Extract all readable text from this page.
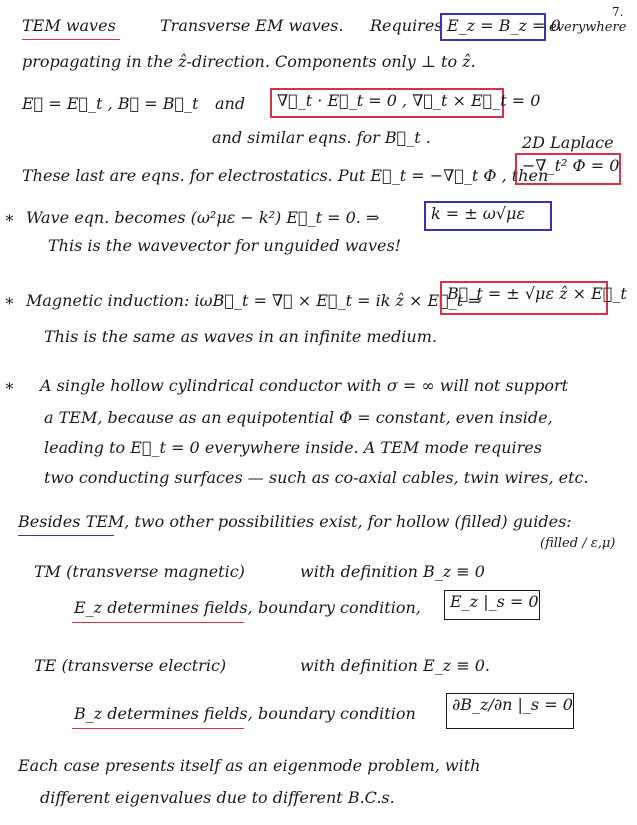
7.
TEM waves	Transverse EM waves. Requires E_z = B_z = 0
everywhere
propagating in the ẑ-direction. Components only ⊥ to ẑ.
E⃗ = E⃗_t , B⃗ = B⃗_t and	∇⃗_t · E⃗_t = 0 , ∇⃗_t × E⃗_t = 0
and similar eqns. for B⃗_t .	2D Laplace
These last are eqns. for electrostatics. Put E⃗_t = −∇⃗_t Φ , then
−∇_t² Φ = 0
∗ Wave eqn. becomes (ω²με − k²) E⃗_t = 0. ⇒	k = ± ω√με
This is the wavevector for unguided waves!
∗ Magnetic induction: iωB⃗_t = ∇⃗ × E⃗_t = ik ẑ × E⃗_t ⇒
B⃗_t = ± √με ẑ × E⃗_t
This is the same as waves in an infinite medium.
∗ A single hollow cylindrical conductor with σ = ∞ will not support
a TEM, because as an equipotential Φ = constant, even inside,
leading to E⃗_t = 0 everywhere inside. A TEM mode requires
two conducting surfaces — such as co-axial cables, twin wires, etc.
Besides TEM, two other possibilities exist, for hollow (filled) guides:
(filled / ε,μ)
TM (transverse magnetic)	with definition B_z ≡ 0
E_z determines fields, boundary condition,	E_z |_s = 0
TE (transverse electric)	with definition E_z ≡ 0.
B_z determines fields, boundary condition	∂B_z/∂n |_s = 0
Each case presents itself as an eigenmode problem, with
different eigenvalues due to different B.C.s.
